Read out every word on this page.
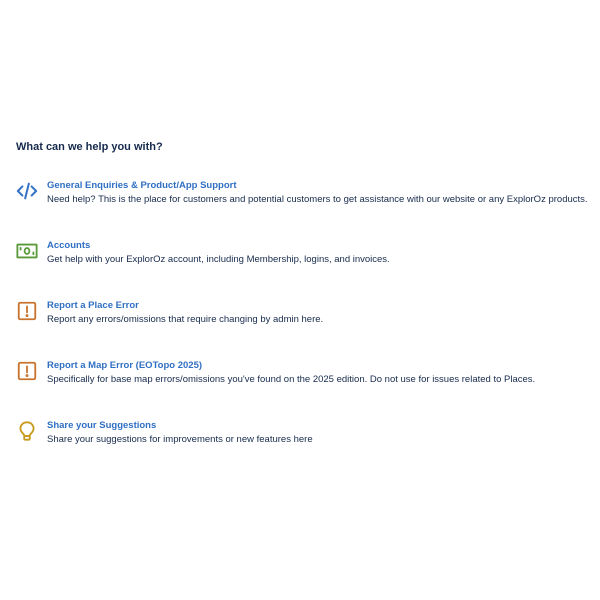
What can we help you with?
General Enquiries & Product/App Support
Need help? This is the place for customers and potential customers to get assistance with our website or any ExplorOz products.
Accounts
Get help with your ExplorOz account, including Membership, logins, and invoices.
Report a Place Error
Report any errors/omissions that require changing by admin here.
Report a Map Error (EOTopo 2025)
Specifically for base map errors/omissions you've found on the 2025 edition. Do not use for issues related to Places.
Share your Suggestions
Share your suggestions for improvements or new features here
